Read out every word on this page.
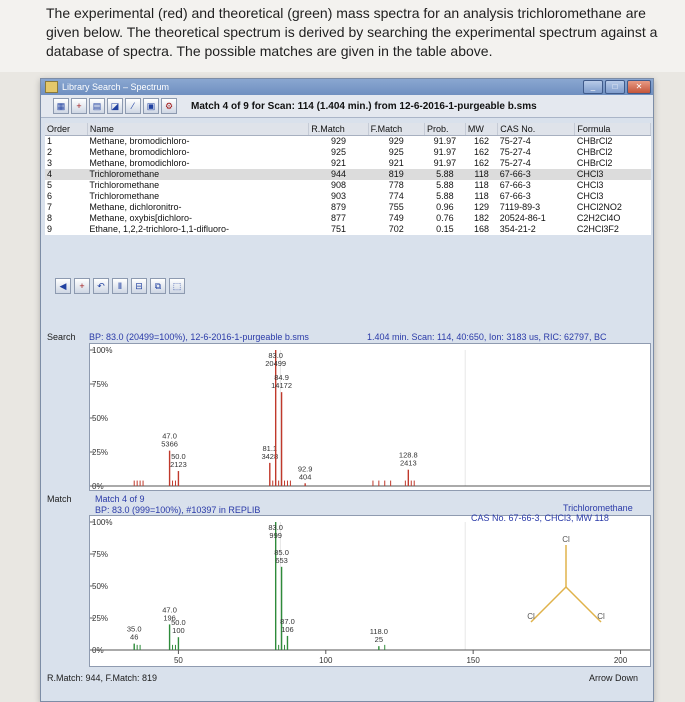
The experimental (red) and theoretical (green) mass spectra for an analysis trichloromethane are given below. The theoretical spectrum is derived by searching the experimental spectrum against a database of spectra. The possible matches are given in the table above.

Library Search – Spectrum	_	□	✕
▦	+	▤	◪	⁄	▣	⚙	Match 4 of 9 for Scan: 114 (1.404 min.) from 12-6-2016-1-purgeable b.sms
Order	Name	R.Match	F.Match	Prob.	MW	CAS No.	Formula
1	Methane, bromodichloro-	929	929	91.97	162	75-27-4	CHBrCl2
2	Methane, bromodichloro-	925	925	91.97	162	75-27-4	CHBrCl2
3	Methane, bromodichloro-	921	921	91.97	162	75-27-4	CHBrCl2
4	Trichloromethane	944	819	5.88	118	67-66-3	CHCl3
5	Trichloromethane	908	778	5.88	118	67-66-3	CHCl3
6	Trichloromethane	903	774	5.88	118	67-66-3	CHCl3
7	Methane, dichloronitro-	879	755	0.96	129	7119-89-3	CHCl2NO2
8	Methane, oxybis[dichloro-	877	749	0.76	182	20524-86-1	C2H2Cl4O
9	Ethane, 1,2,2-trichloro-1,1-difluoro-	751	702	0.15	168	354-21-2	C2HCl3F2
◀	+	↶	Ⅱ	⊟	⧉	⬚
Search BP: 83.0 (20499=100%), 12-6-2016-1-purgeable b.sms	1.404 min. Scan: 114, 40:650, Ion: 3183 us, RIC: 62797, BC
100%
75%
50%
25%
0%
47.0
5366
50.0
2123
81.1
3428
83.0
20499
84.9
14172
92.9
404
128.8
2413
Match	Match 4 of 9
BP: 83.0 (999=100%), #10397 in REPLIB
100%
75%
50%
25%
0%
35.0
46
47.0
196
50.0
100
83.0
999
85.0
653
87.0
106	118.0
25
50	100	150	200
R.Match: 944, F.Match: 819	Arrow Down
Trichloromethane
CAS No. 67-66-3, CHCl3, MW 118
Cl
Cl	Cl
